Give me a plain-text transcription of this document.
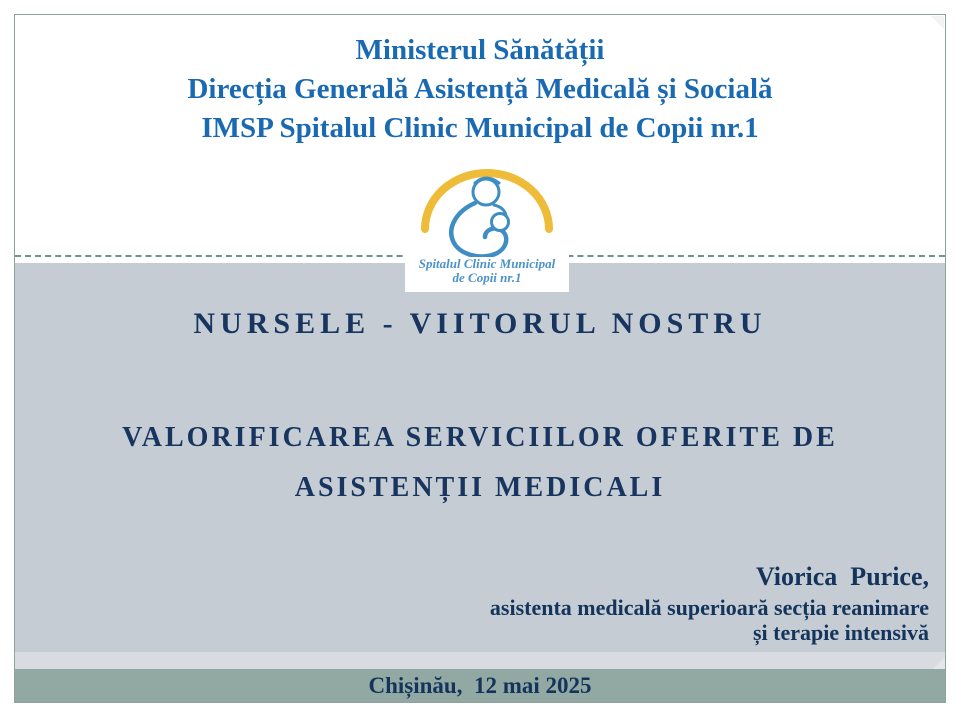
Ministerul Sănătății
Direcția Generală Asistență Medicală și Socială
IMSP Spitalul Clinic Municipal de Copii nr.1
Spitalul Clinic Municipal
de Copii nr.1
NURSELE - VIITORUL NOSTRU
VALORIFICAREA SERVICIILOR OFERITE DE
ASISTENȚII MEDICALI
Viorica  Purice,
asistenta medicală superioară secția reanimare
și terapie intensivă
Chișinău,  12 mai 2025
